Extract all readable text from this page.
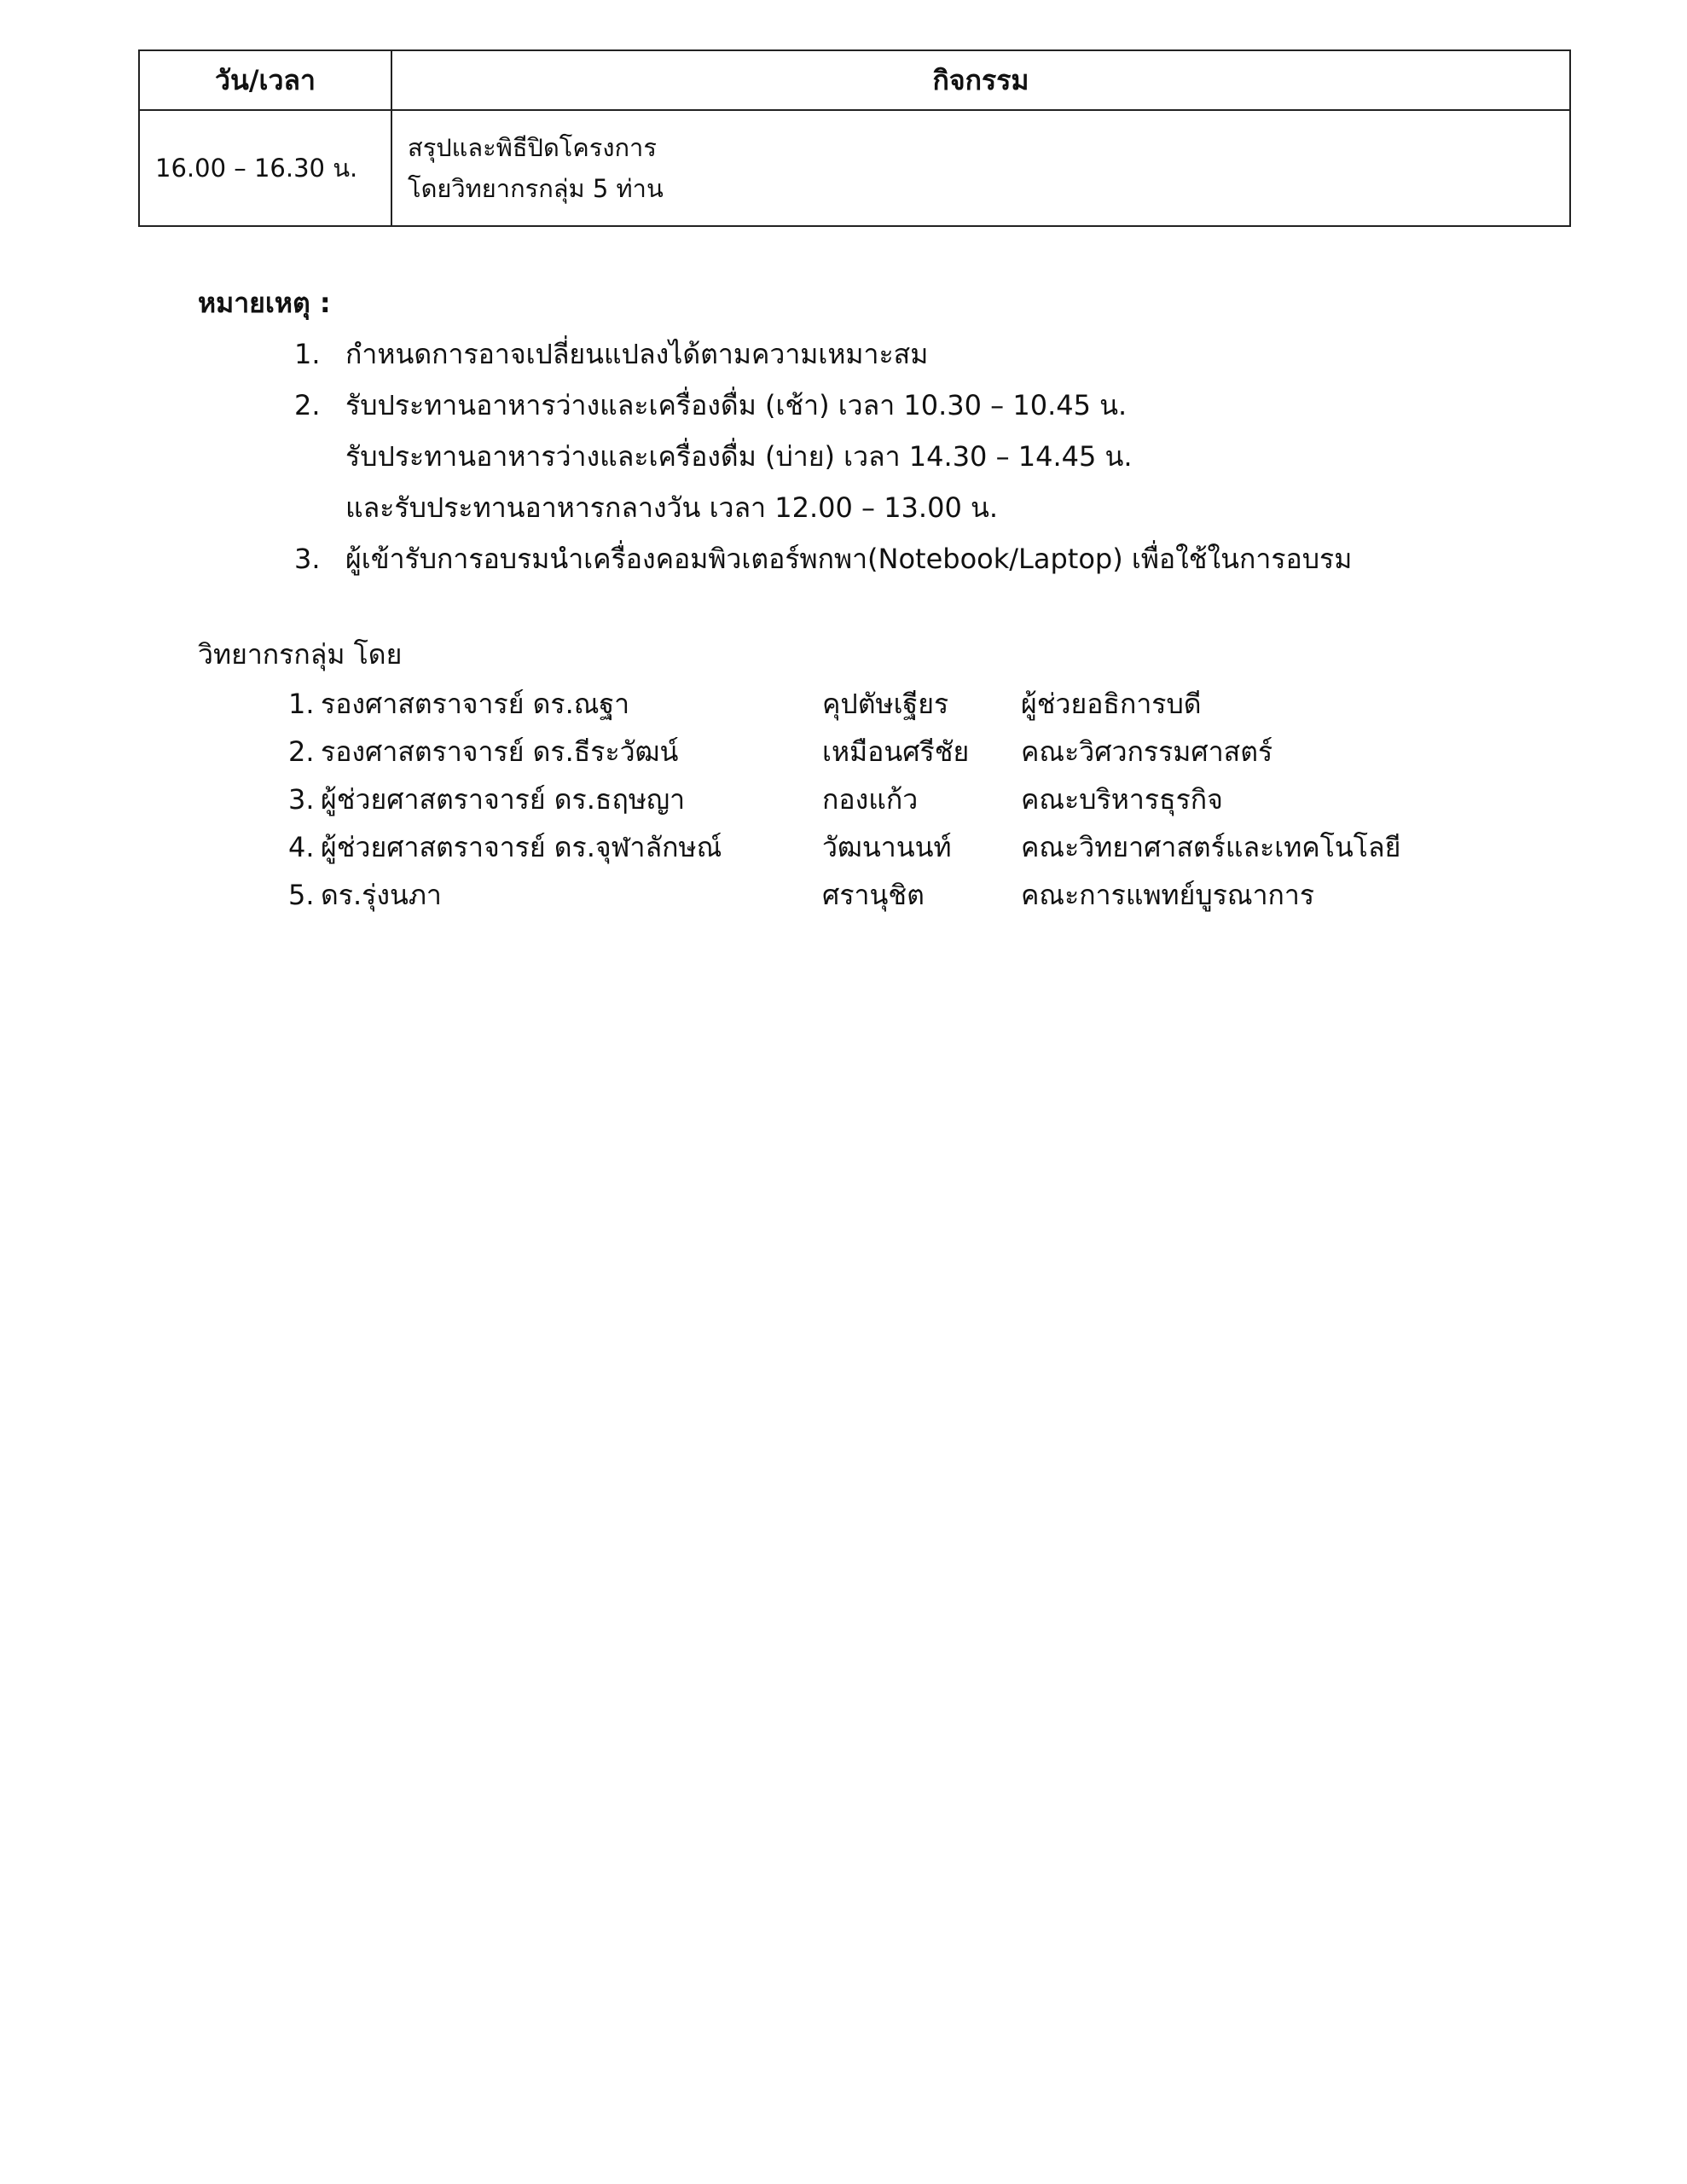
วัน/เวลา	กิจกรรม
16.00 – 16.30 น.	สรุปและพิธีปิดโครงการ
โดยวิทยากรกลุ่ม 5 ท่าน
หมายเหตุ :
1. กำหนดการอาจเปลี่ยนแปลงได้ตามความเหมาะสม
2. รับประทานอาหารว่างและเครื่องดื่ม (เช้า) เวลา 10.30 – 10.45 น.
รับประทานอาหารว่างและเครื่องดื่ม (บ่าย) เวลา 14.30 – 14.45 น.
และรับประทานอาหารกลางวัน เวลา 12.00 – 13.00 น.
3. ผู้เข้ารับการอบรมนำเครื่องคอมพิวเตอร์พกพา(Notebook/Laptop) เพื่อใช้ในการอบรม
วิทยากรกลุ่ม โดย
1. รองศาสตราจารย์ ดร.ณฐา	คุปตัษเฐียร	ผู้ช่วยอธิการบดี
2. รองศาสตราจารย์ ดร.ธีระวัฒน์	เหมือนศรีชัย	คณะวิศวกรรมศาสตร์
3. ผู้ช่วยศาสตราจารย์ ดร.ธฤษญา	กองแก้ว	คณะบริหารธุรกิจ
4. ผู้ช่วยศาสตราจารย์ ดร.จุฬาลักษณ์	วัฒนานนท์	คณะวิทยาศาสตร์และเทคโนโลยี
5. ดร.รุ่งนภา	ศรานุชิต	คณะการแพทย์บูรณาการ
